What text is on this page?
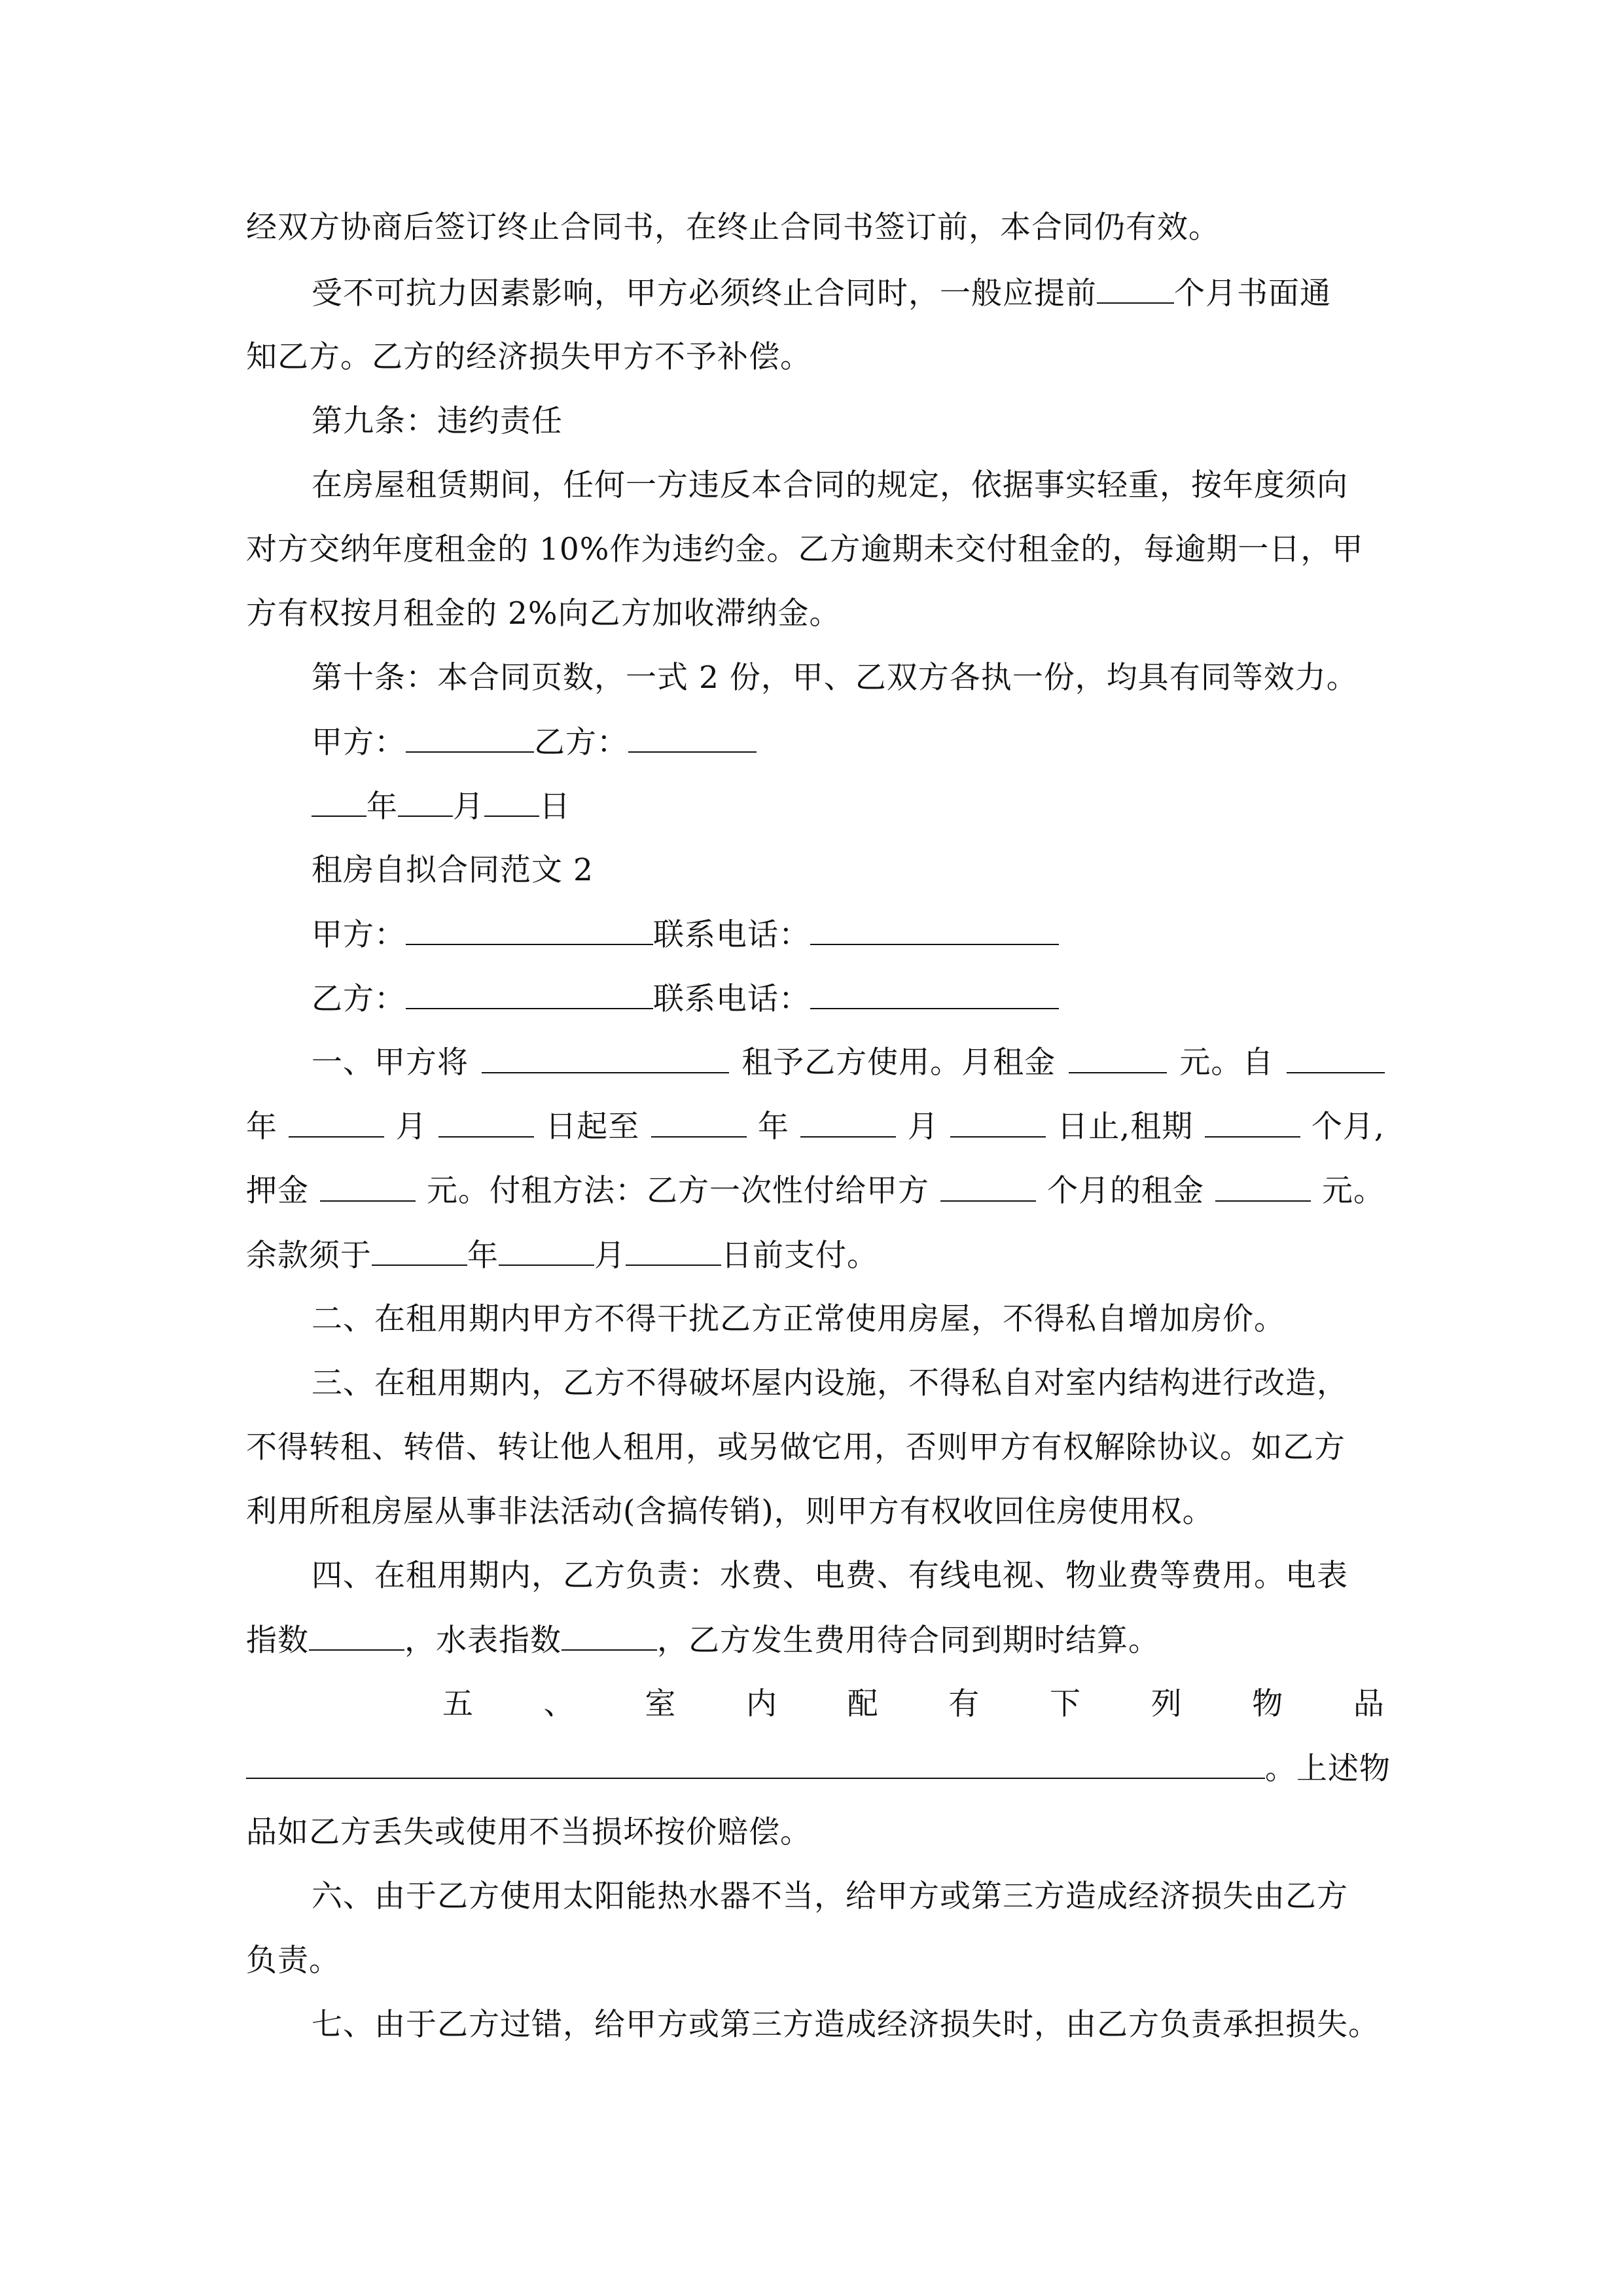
经双方协商后签订终止合同书，在终止合同书签订前，本合同仍有效。
受不可抗力因素影响，甲方必须终止合同时，一般应提前	个月书面通
知乙方。乙方的经济损失甲方不予补偿。
第九条：违约责任
在房屋租赁期间，任何一方违反本合同的规定，依据事实轻重，按年度须向
对方交纳年度租金的 10%作为违约金。乙方逾期未交付租金的，每逾期一日，甲
方有权按月租金的 2%向乙方加收滞纳金。
第十条：本合同页数，一式 2 份，甲、乙双方各执一份，均具有同等效力。
甲方：	乙方：
年 月 日
租房自拟合同范文 2
甲方：	联系电话：
乙方：	联系电话：
一、甲方将	租予乙方使用。月租金	元。自
年	月	日起至	年	月	日止,租期	个月,
押金	元。付租方法：乙方一次性付给甲方	个月的租金	元。
余款须于	年	月	日前支付。
二、在租用期内甲方不得干扰乙方正常使用房屋，不得私自增加房价。
三、在租用期内，乙方不得破坏屋内设施，不得私自对室内结构进行改造，
不得转租、转借、转让他人租用，或另做它用，否则甲方有权解除协议。如乙方
利用所租房屋从事非法活动(含搞传销)，则甲方有权收回住房使用权。
四、在租用期内，乙方负责：水费、电费、有线电视、物业费等费用。电表
指数	，水表指数	，乙方发生费用待合同到期时结算。
五 、 室 内 配 有 下 列 物 品
。上述物
品如乙方丢失或使用不当损坏按价赔偿。
六、由于乙方使用太阳能热水器不当，给甲方或第三方造成经济损失由乙方
负责。
七、由于乙方过错，给甲方或第三方造成经济损失时，由乙方负责承担损失。
